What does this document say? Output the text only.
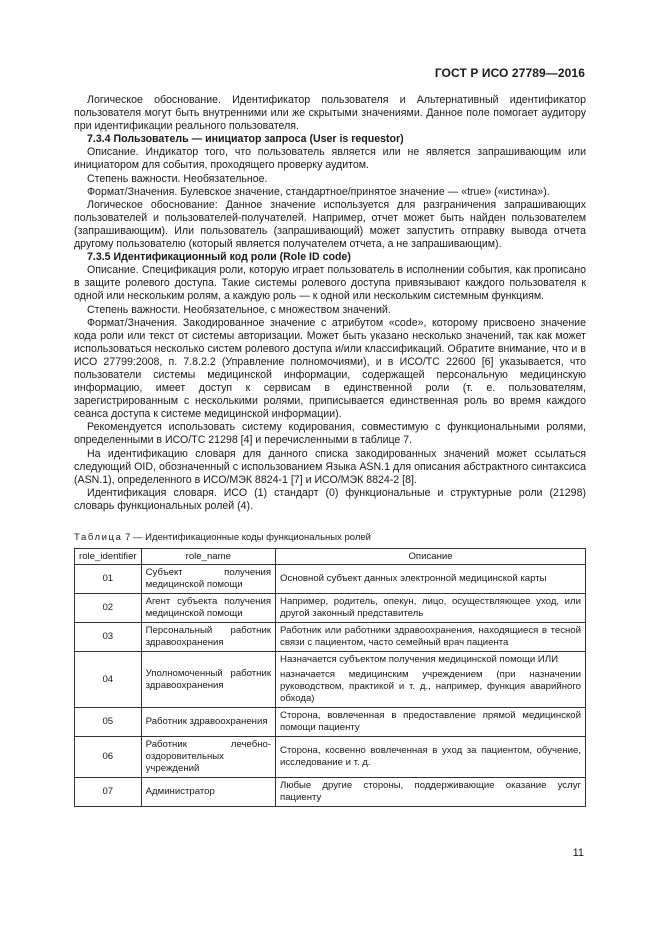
ГОСТ Р ИСО 27789—2016

Логическое обоснование. Идентификатор пользователя и Альтернативный идентификатор пользователя могут быть внутренними или же скрытыми значениями. Данное поле помогает аудитору при идентификации реального пользователя.

7.3.4 Пользователь — инициатор запроса (User is requestor)

Описание. Индикатор того, что пользователь является или не является запрашивающим или инициатором для события, проходящего проверку аудитом.

Степень важности. Необязательное.

Формат/Значения. Булевское значение, стандартное/принятое значение — «true» («истина»).

Логическое обоснование: Данное значение используется для разграничения запрашивающих пользователей и пользователей-получателей. Например, отчет может быть найден пользователем (запрашивающим). Или пользователь (запрашивающий) может запустить отправку вывода отчета другому пользователю (который является получателем отчета, а не запрашивающим).

7.3.5 Идентификационный код роли (Role ID code)

Описание. Спецификация роли, которую играет пользователь в исполнении события, как прописано в защите ролевого доступа. Такие системы ролевого доступа привязывают каждого пользователя к одной или нескольким ролям, а каждую роль — к одной или нескольким системным функциям.

Степень важности. Необязательное, с множеством значений.

Формат/Значения. Закодированное значение с атрибутом «code», которому присвоено значение кода роли или текст от системы авторизации. Может быть указано несколько значений, так как может использоваться несколько систем ролевого доступа и/или классификаций. Обратите внимание, что и в ИСО 27799:2008, п. 7.8.2.2 (Управление полномочиями), и в ИСО/ТС 22600 [6] указывается, что пользователи системы медицинской информации, содержащей персональную медицинскую информацию, имеет доступ к сервисам в единственной роли (т. е. пользователям, зарегистрированным с несколькими ролями, приписывается единственная роль во время каждого сеанса доступа к системе медицинской информации).

Рекомендуется использовать систему кодирования, совместимую с функциональными ролями, определенными в ИСО/ТС 21298 [4] и перечисленными в таблице 7.

На идентификацию словаря для данного списка закодированных значений может ссылаться следующий OID, обозначенный с использованием Языка ASN.1 для описания абстрактного синтаксиса (ASN.1), определенного в ИСО/МЭК 8824-1 [7] и ИСО/МЭК 8824-2 [8].

Идентификация словаря. ИСО (1) стандарт (0) функциональные и структурные роли (21298) словарь функциональных ролей (4).

Таблица 7 — Идентификационные коды функциональных ролей
role_identifier	role_name	Описание
01	Субъект получения медицинской помощи	Основной субъект данных электронной медицинской карты

02	Агент субъекта получения медицинской помощи	Например, родитель, опекун, лицо, осуществляющее уход, или другой законный представитель

03	Персональный работник здравоохранения	Работник или работники здравоохранения, находящиеся в тесной связи с пациентом, часто семейный врач пациента

04	Уполномоченный работник здравоохранения	Назначается субъектом получения медицинской помощи ИЛИ
назначается медицинским учреждением (при назначении руководством, практикой и т. д., например, функция аварийного обхода)

05	Работник здравоохранения	Сторона, вовлеченная в предоставление прямой медицинской помощи пациенту

06	Работник лечебно-оздоровительных учреждений	Сторона, косвенно вовлеченная в уход за пациентом, обучение, исследование и т. д.

07	Администратор	Любые другие стороны, поддерживающие оказание услуг пациенту
11
